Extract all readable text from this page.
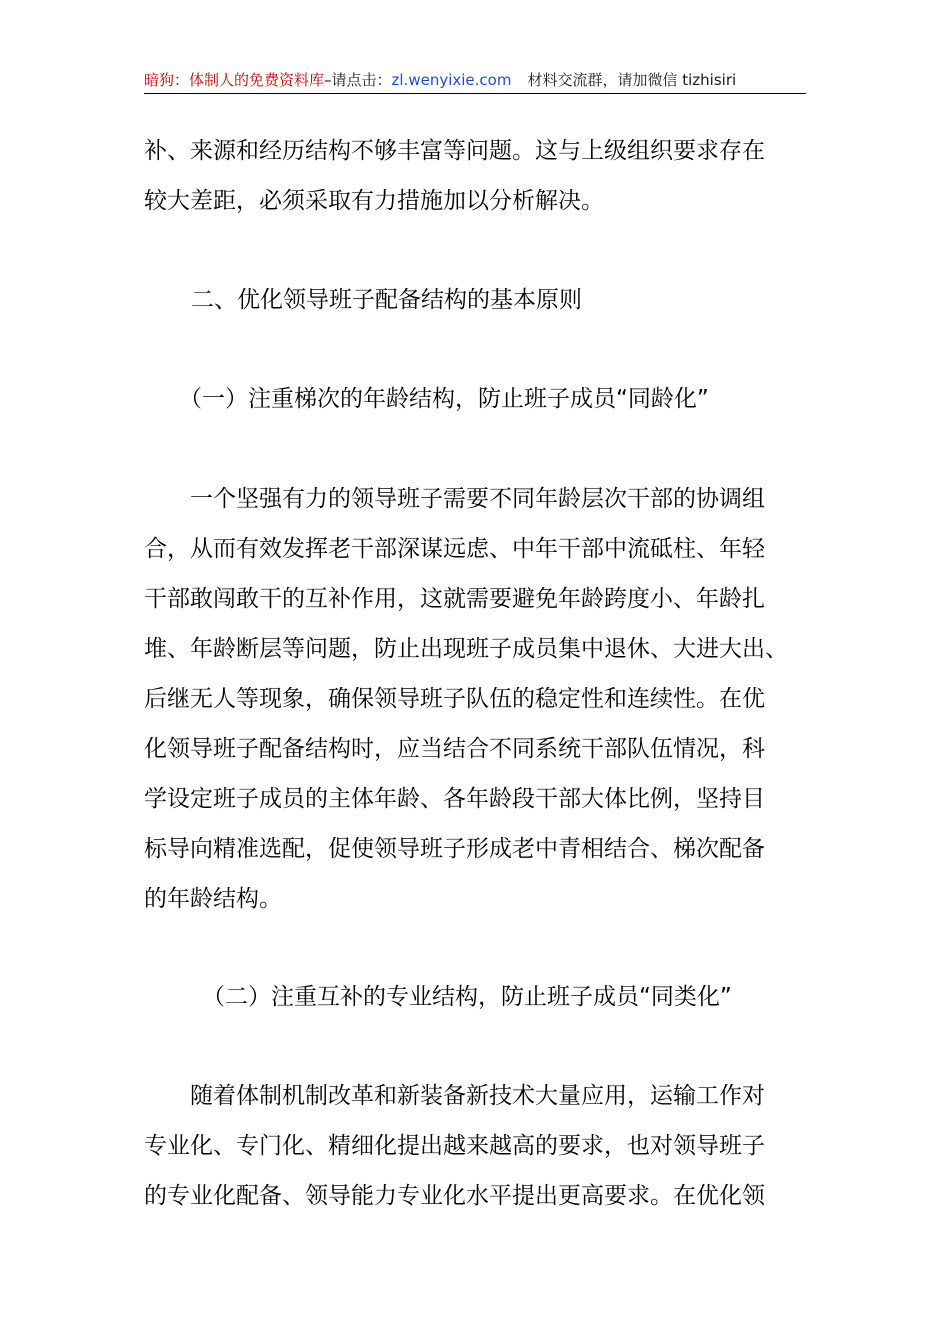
暗狗：体制人的免费资料库–请点击：zl.wenyixie.com 材料交流群，请加微信 tizhisiri
补、来源和经历结构不够丰富等问题。这与上级组织要求存在
较大差距，必须采取有力措施加以分析解决。
二、优化领导班子配备结构的基本原则
（一）注重梯次的年龄结构，防止班子成员“同龄化”
一个坚强有力的领导班子需要不同年龄层次干部的协调组
合，从而有效发挥老干部深谋远虑、中年干部中流砥柱、年轻
干部敢闯敢干的互补作用，这就需要避免年龄跨度小、年龄扎
堆、年龄断层等问题，防止出现班子成员集中退休、大进大出、
后继无人等现象，确保领导班子队伍的稳定性和连续性。在优
化领导班子配备结构时，应当结合不同系统干部队伍情况，科
学设定班子成员的主体年龄、各年龄段干部大体比例，坚持目
标导向精准选配，促使领导班子形成老中青相结合、梯次配备
的年龄结构。
（二）注重互补的专业结构，防止班子成员“同类化”
随着体制机制改革和新装备新技术大量应用，运输工作对
专业化、专门化、精细化提出越来越高的要求，也对领导班子
的专业化配备、领导能力专业化水平提出更高要求。在优化领
